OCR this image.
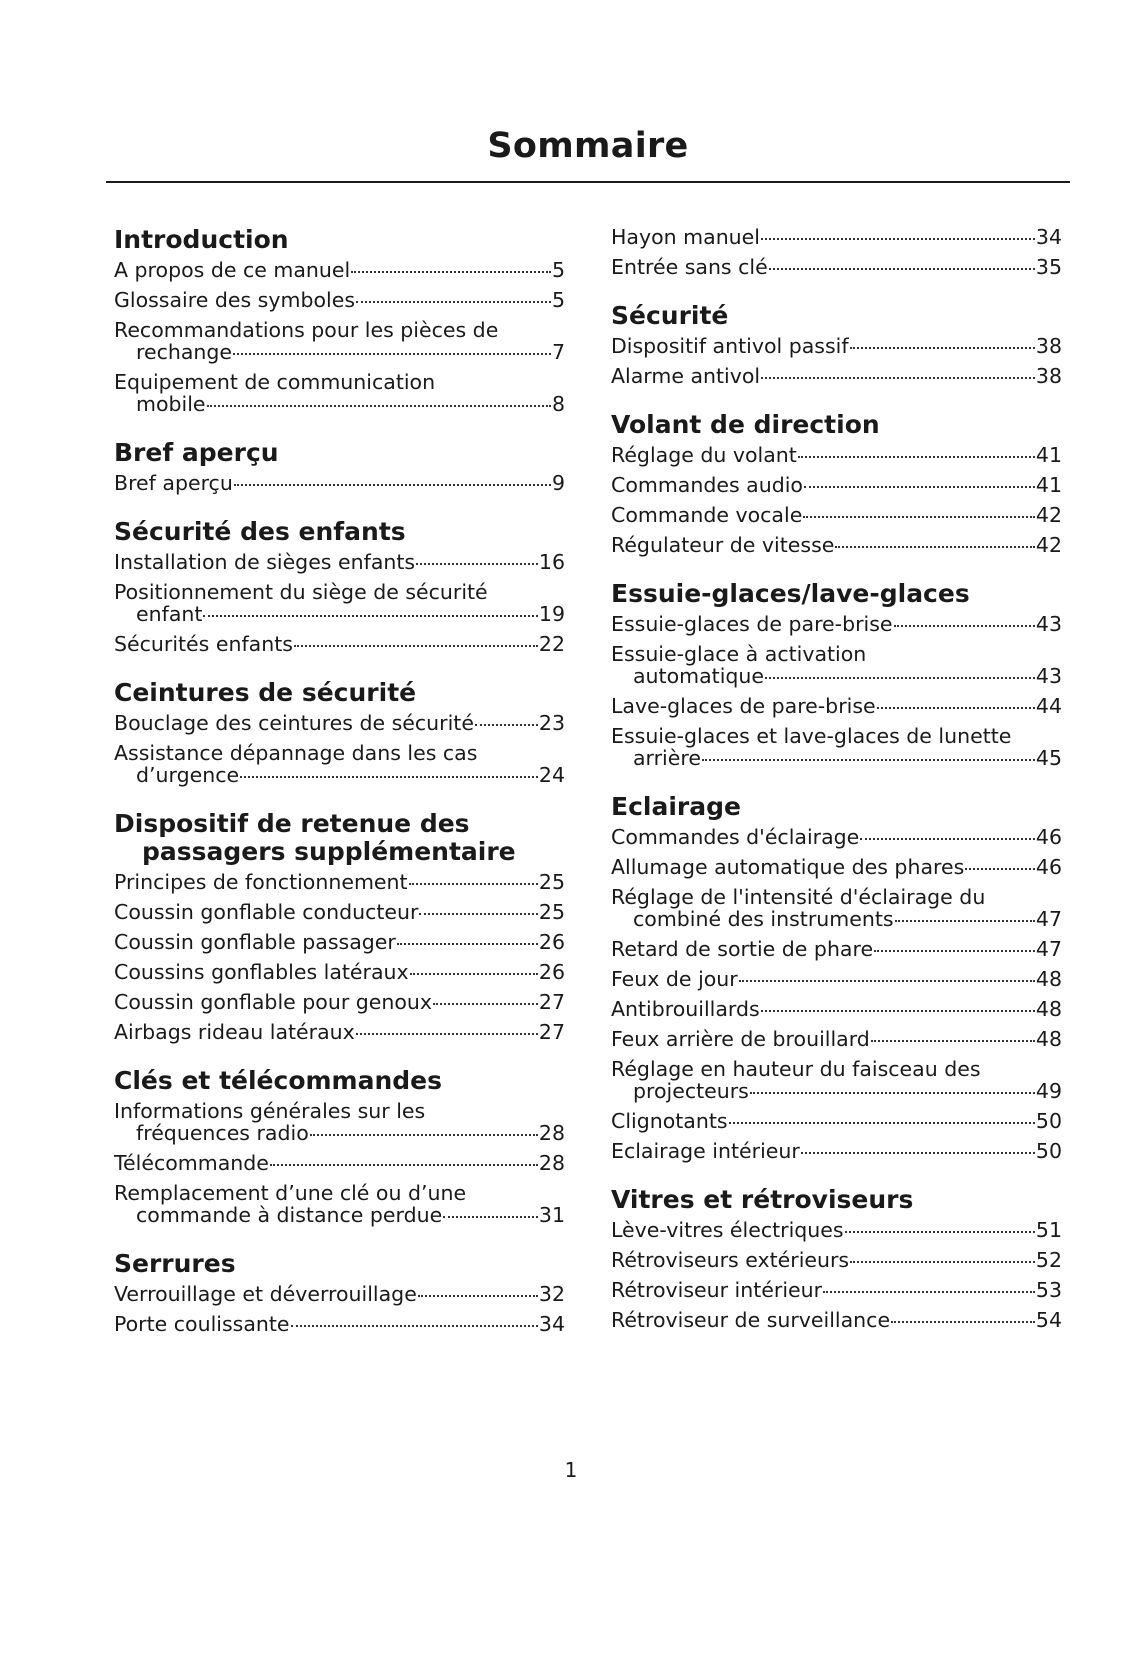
Sommaire
Introduction
A propos de ce manuel	5
Glossaire des symboles	5
Recommandations pour les pièces de
rechange	7
Equipement de communication
mobile	8
Bref aperçu
Bref aperçu	9
Sécurité des enfants
Installation de sièges enfants	16
Positionnement du siège de sécurité
enfant	19
Sécurités enfants	22
Ceintures de sécurité
Bouclage des ceintures de sécurité	23
Assistance dépannage dans les cas
d’urgence	24
Dispositif de retenue des passagers supplémentaire
Principes de fonctionnement	25
Coussin gonflable conducteur	25
Coussin gonflable passager	26
Coussins gonflables latéraux	26
Coussin gonflable pour genoux	27
Airbags rideau latéraux	27
Clés et télécommandes
Informations générales sur les
fréquences radio	28
Télécommande	28
Remplacement d’une clé ou d’une
commande à distance perdue	31
Serrures
Verrouillage et déverrouillage	32
Porte coulissante	34
Hayon manuel	34
Entrée sans clé	35
Sécurité
Dispositif antivol passif	38
Alarme antivol	38
Volant de direction
Réglage du volant	41
Commandes audio	41
Commande vocale	42
Régulateur de vitesse	42
Essuie-glaces/lave-glaces
Essuie-glaces de pare-brise	43
Essuie-glace à activation
automatique	43
Lave-glaces de pare-brise	44
Essuie-glaces et lave-glaces de lunette
arrière	45
Eclairage
Commandes d'éclairage	46
Allumage automatique des phares	46
Réglage de l'intensité d'éclairage du
combiné des instruments	47
Retard de sortie de phare	47
Feux de jour	48
Antibrouillards	48
Feux arrière de brouillard	48
Réglage en hauteur du faisceau des
projecteurs	49
Clignotants	50
Eclairage intérieur	50
Vitres et rétroviseurs
Lève-vitres électriques	51
Rétroviseurs extérieurs	52
Rétroviseur intérieur	53
Rétroviseur de surveillance	54
1
